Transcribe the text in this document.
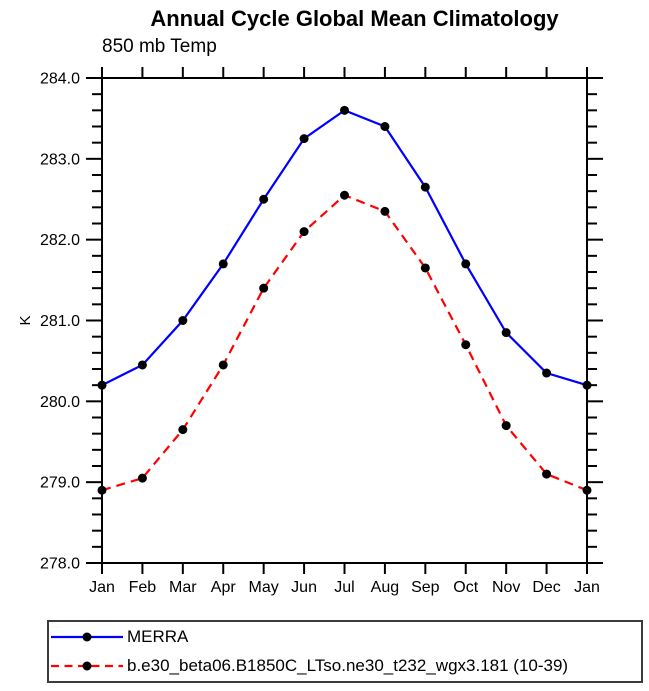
Annual Cycle Global Mean Climatology
850 mb Temp
278.0
279.0
280.0
281.0
282.0
283.0
284.0
Jan Feb Mar Apr May Jun Jul Aug Sep Oct Nov Dec Jan
K
MERRA
b.e30_beta06.B1850C_LTso.ne30_t232_wgx3.181 (10-39)
